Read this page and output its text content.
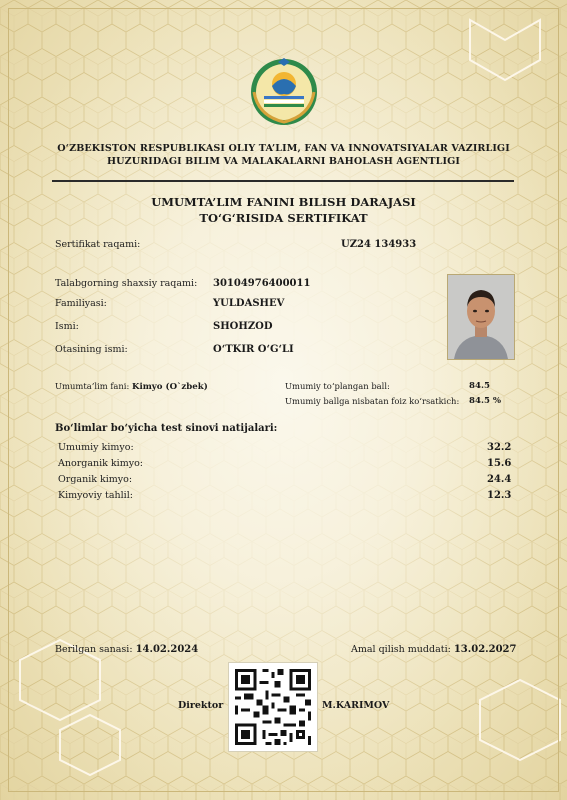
O‘ZBEKISTON RESPUBLIKASI OLIY TA’LIM, FAN VA INNOVATSIYALAR VAZIRLIGI
HUZURIDAGI BILIM VA MALAKALARNI BAHOLASH AGENTLIGI
UMUMTA’LIM FANINI BILISH DARAJASI
TO‘G‘RISIDA SERTIFIKAT
Sertifikat raqami:	UZ24 134933
Talabgorning shaxsiy raqami: 30104976400011
Familiyasi:	YULDASHEV
Ismi:	SHOHZOD
Otasining ismi:	O‘TKIR O‘G‘LI
Umumta’lim fani: Kimyo (O`zbek)	Umumiy to‘plangan ball:	84.5
Umumiy ballga nisbatan foiz ko‘rsatkich: 84.5 %
Bo‘limlar bo‘yicha test sinovi natijalari:
Umumiy kimyo:	32.2
Anorganik kimyo:	15.6
Organik kimyo:	24.4
Kimyoviy tahlil:	12.3
Berilgan sanasi: 14.02.2024	Amal qilish muddati: 13.02.2027
Direktor	M.KARIMOV
